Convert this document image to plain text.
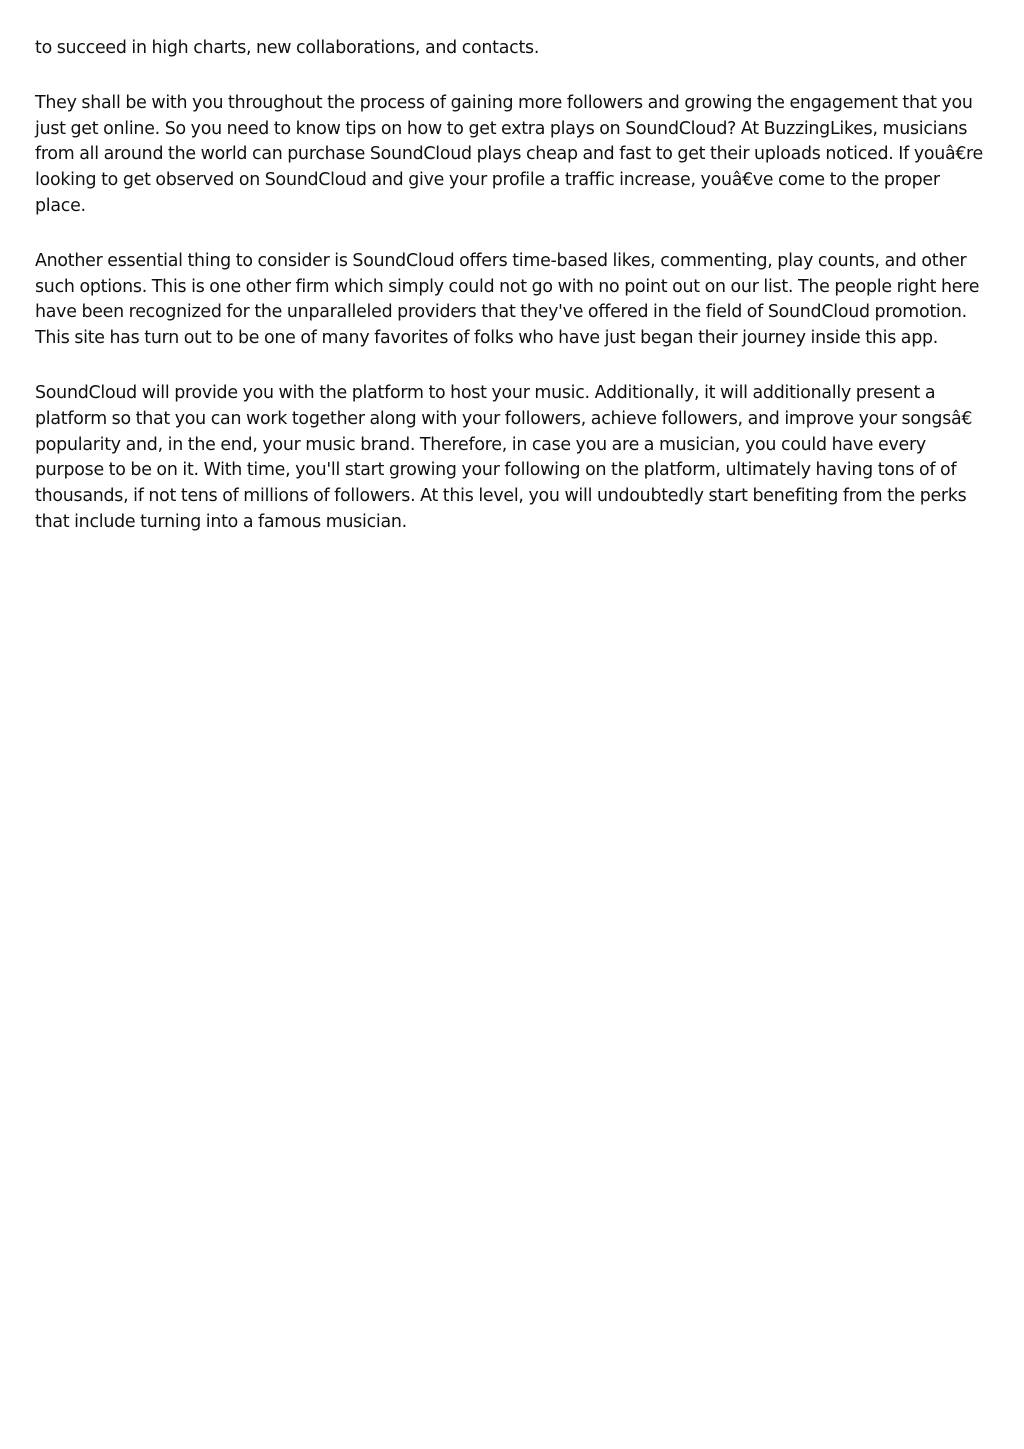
to succeed in high charts, new collaborations, and contacts.

They shall be with you throughout the process of gaining more followers and growing the engagement that you just get online. So you need to know tips on how to get extra plays on SoundCloud? At BuzzingLikes, musicians from all around the world can purchase SoundCloud plays cheap and fast to get their uploads noticed. If youâ€re looking to get observed on SoundCloud and give your profile a traffic increase, youâ€ve come to the proper place.

Another essential thing to consider is SoundCloud offers time-based likes, commenting, play counts, and other such options. This is one other firm which simply could not go with no point out on our list. The people right here have been recognized for the unparalleled providers that they've offered in the field of SoundCloud promotion. This site has turn out to be one of many favorites of folks who have just began their journey inside this app.

SoundCloud will provide you with the platform to host your music. Additionally, it will additionally present a platform so that you can work together along with your followers, achieve followers, and improve your songsâ€ popularity and, in the end, your music brand. Therefore, in case you are a musician, you could have every purpose to be on it. With time, you'll start growing your following on the platform, ultimately having tons of of thousands, if not tens of millions of followers. At this level, you will undoubtedly start benefiting from the perks that include turning into a famous musician.
